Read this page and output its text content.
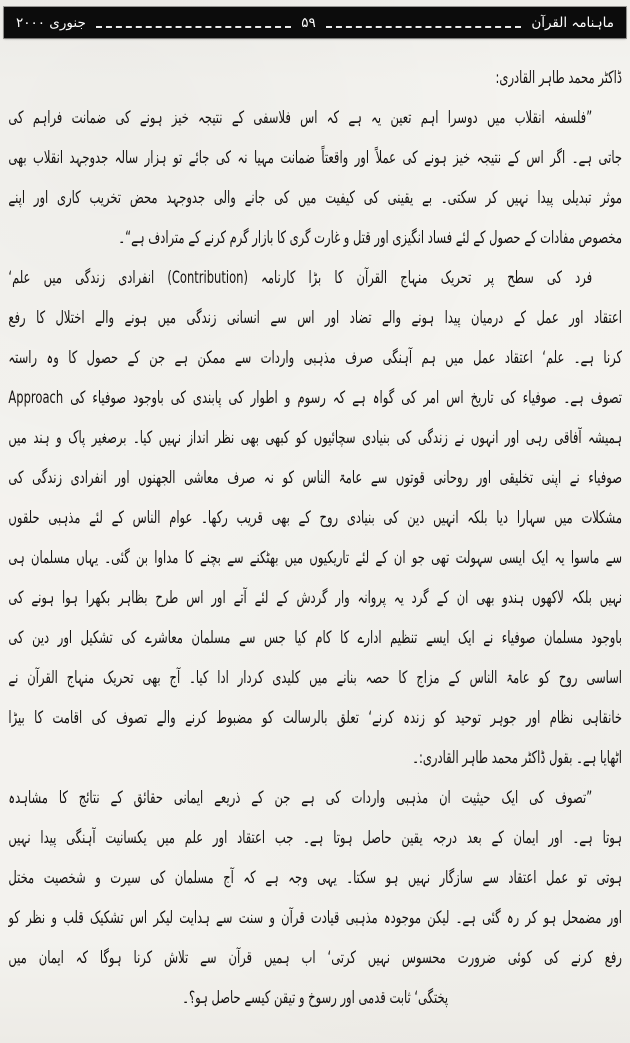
ماہنامہ القرآن
۵۹
جنوری ۲۰۰۰
ڈاکٹر محمد طاہر القادری:
”فلسفہ انقلاب میں دوسرا اہم تعین یہ ہے کہ اس فلاسفی کے نتیجہ خیز ہونے کی ضمانت فراہم کی
جاتی ہے۔ اگر اس کے نتیجہ خیز ہونے کی عملاً اور واقعتاً ضمانت مہیا نہ کی جائے تو ہزار سالہ جدوجہد انقلاب بھی
موثر تبدیلی پیدا نہیں کر سکتی۔ بے یقینی کی کیفیت میں کی جانے والی جدوجہد محض تخریب کاری اور اپنے
مخصوص مفادات کے حصول کے لئے فساد انگیزی اور قتل و غارت گری کا بازار گرم کرنے کے مترادف ہے“۔
فرد کی سطح پر تحریک منہاج القرآن کا بڑا کارنامہ (Contribution) انفرادی زندگی میں علم‘
اعتقاد اور عمل کے درمیان پیدا ہونے والے تضاد اور اس سے انسانی زندگی میں ہونے والے اختلال کا رفع
کرنا ہے۔ علم‘ اعتقاد عمل میں ہم آہنگی صرف مذہبی واردات سے ممکن ہے جن کے حصول کا وہ راستہ
تصوف ہے۔ صوفیاء کی تاریخ اس امر کی گواہ ہے کہ رسوم و اطوار کی پابندی کی باوجود صوفیاء کی Approach
ہمیشہ آفاقی رہی اور انہوں نے زندگی کی بنیادی سچائیوں کو کبھی بھی نظر انداز نہیں کیا۔ برصغیر پاک و ہند میں
صوفیاء نے اپنی تخلیقی اور روحانی قوتوں سے عامۃ الناس کو نہ صرف معاشی الجھنوں اور انفرادی زندگی کی
مشکلات میں سہارا دیا بلکہ انہیں دین کی بنیادی روح کے بھی قریب رکھا۔ عوام الناس کے لئے مذہبی حلقوں
سے ماسوا یہ ایک ایسی سہولت تھی جو ان کے لئے تاریکیوں میں بھٹکنے سے بچنے کا مداوا بن گئی۔ یہاں مسلمان ہی
نہیں بلکہ لاکھوں ہندو بھی ان کے گرد یہ پروانہ وار گردش کے لئے آتے اور اس طرح بظاہر بکھرا ہوا ہونے کی
باوجود مسلمان صوفیاء نے ایک ایسے تنظیم ادارے کا کام کیا جس سے مسلمان معاشرے کی تشکیل اور دین کی
اساسی روح کو عامۃ الناس کے مزاج کا حصہ بنانے میں کلیدی کردار ادا کیا۔ آج بھی تحریک منہاج القرآن نے
خانقاہی نظام اور جوہر توحید کو زندہ کرنے‘ تعلق بالرسالت کو مضبوط کرنے والے تصوف کی اقامت کا بیڑا
اٹھایا ہے۔ بقول ڈاکٹر محمد طاہر القادری:۔
”تصوف کی ایک حیثیت ان مذہبی واردات کی ہے جن کے ذریعے ایمانی حقائق کے نتائج کا مشاہدہ
ہوتا ہے۔ اور ایمان کے بعد درجہ یقین حاصل ہوتا ہے۔ جب اعتقاد اور علم میں یکسانیت آہنگی پیدا نہیں
ہوتی تو عمل اعتقاد سے سازگار نہیں ہو سکتا۔ یہی وجہ ہے کہ آج مسلمان کی سیرت و شخصیت مختل
اور مضمحل ہو کر رہ گئی ہے۔ لیکن موجودہ مذہبی قیادت قرآن و سنت سے ہدایت لیکر اس تشکیک قلب و نظر کو
رفع کرنے کی کوئی ضرورت محسوس نہیں کرتی‘ اب ہمیں قرآن سے تلاش کرنا ہوگا کہ ایمان میں
پختگی‘ ثابت قدمی اور رسوخ و تیقن کیسے حاصل ہو؟۔
